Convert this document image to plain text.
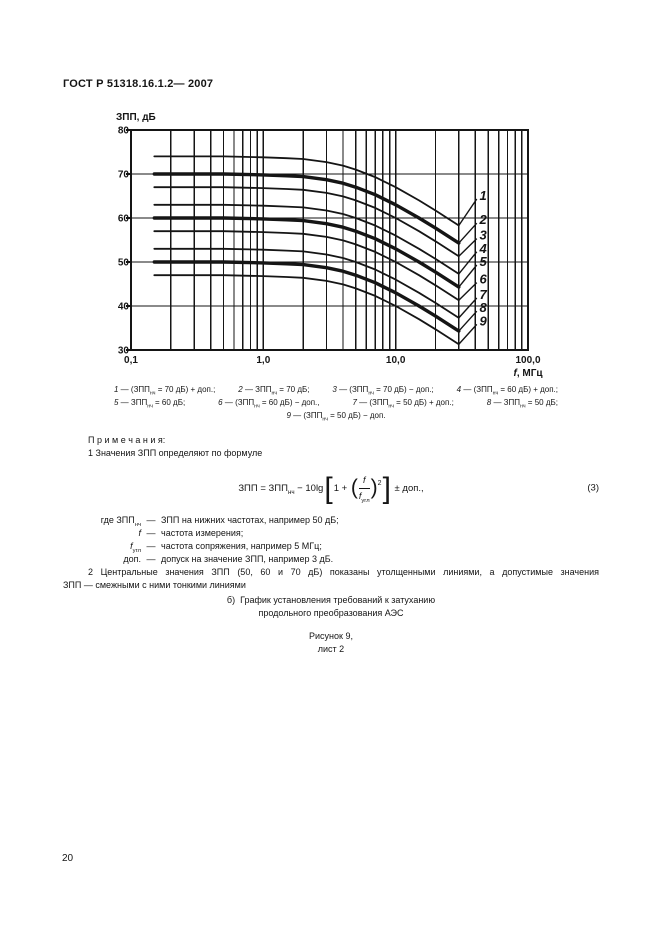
ГОСТ Р 51318.16.1.2— 2007
30
40
50
60
70
80
0,1	1,0	10,0	100,0
ЗПП, дБ
f, МГц
1
2
3
4
5
6
7
8
9
1 — ($ЗПП_{нч} = 70$ дБ) + доп.;	2 — $ЗПП_{нч} = 70$ дБ;	3 — ($ЗПП_{нч} = 70$ дБ) − доп.;	4 — ($ЗПП_{нч} = 60$ дБ) + доп.;
5 — $ЗПП_{нч} = 60$ дБ;	6 — ($ЗПП_{нч} = 60$ дБ) − доп.,	7 — ($ЗПП_{нч} = 50$ дБ) + доп.;	8 — $ЗПП_{нч} = 50$ дБ;
9 — ($ЗПП_{нч} = 50$ дБ) − доп.
П р и м е ч а н и я:
1 Значения ЗПП определяют по формуле
ЗПП = $ЗПП_{нч} - 10\lg$ [ 1 + ( $\frac{f}{f_{угл}}$ ) 2 ] ± доп.,	(3)
где $ЗПП_{нч}$ — ЗПП на нижних частотах, например 50 дБ;
f — частота измерения;
$f_{угл}$ — частота сопряжения, например 5 МГц;
доп. — допуск на значение ЗПП, например 3 дБ.
2 Центральные значения ЗПП (50, 60 и 70 дБ) показаны утолщенными линиями, а допустимые значения
ЗПП — смежными с ними тонкими линиями
б)  График установления требований к затуханию
продольного преобразования АЭС
Рисунок 9,
лист 2
20
